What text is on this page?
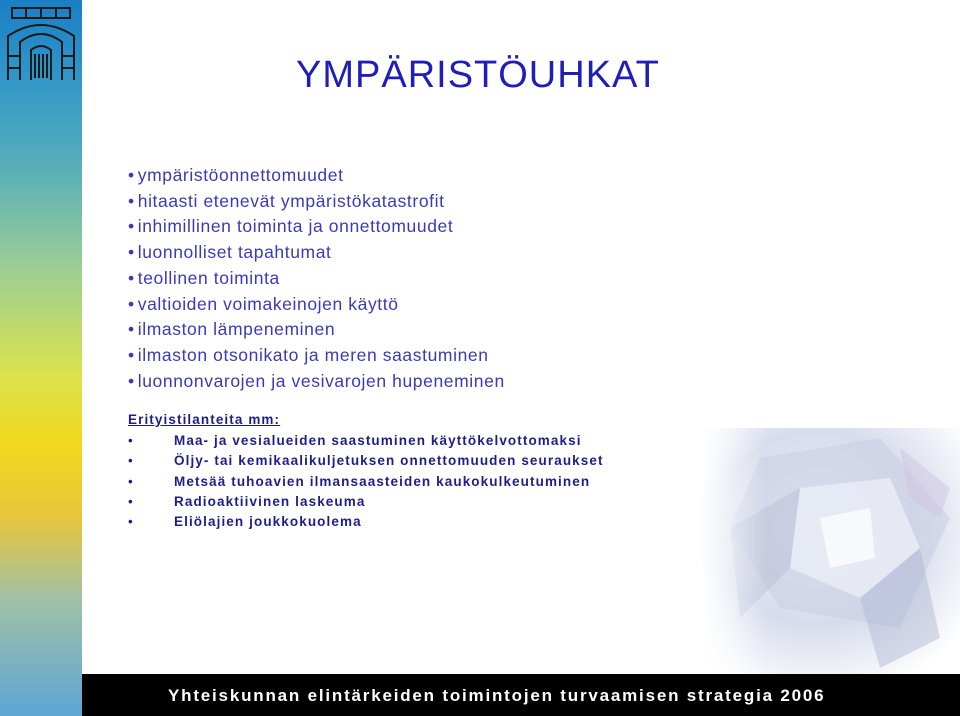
YMPÄRISTÖUHKAT
• ympäristöonnettomuudet
• hitaasti etenevät ympäristökatastrofit
• inhimillinen toiminta ja onnettomuudet
• luonnolliset tapahtumat
• teollinen toiminta
• valtioiden voimakeinojen käyttö
• ilmaston lämpeneminen
• ilmaston otsonikato ja meren saastuminen
• luonnonvarojen ja vesivarojen hupeneminen

Erityistilanteita mm:

•	Maa- ja vesialueiden saastuminen käyttökelvottomaksi
•	Öljy- tai kemikaalikuljetuksen onnettomuuden seuraukset
•	Metsää tuhoavien ilmansaasteiden kaukokulkeutuminen
•	Radioaktiivinen laskeuma
•	Eliölajien joukkokuolema
Yhteiskunnan elintärkeiden toimintojen turvaamisen strategia 2006
